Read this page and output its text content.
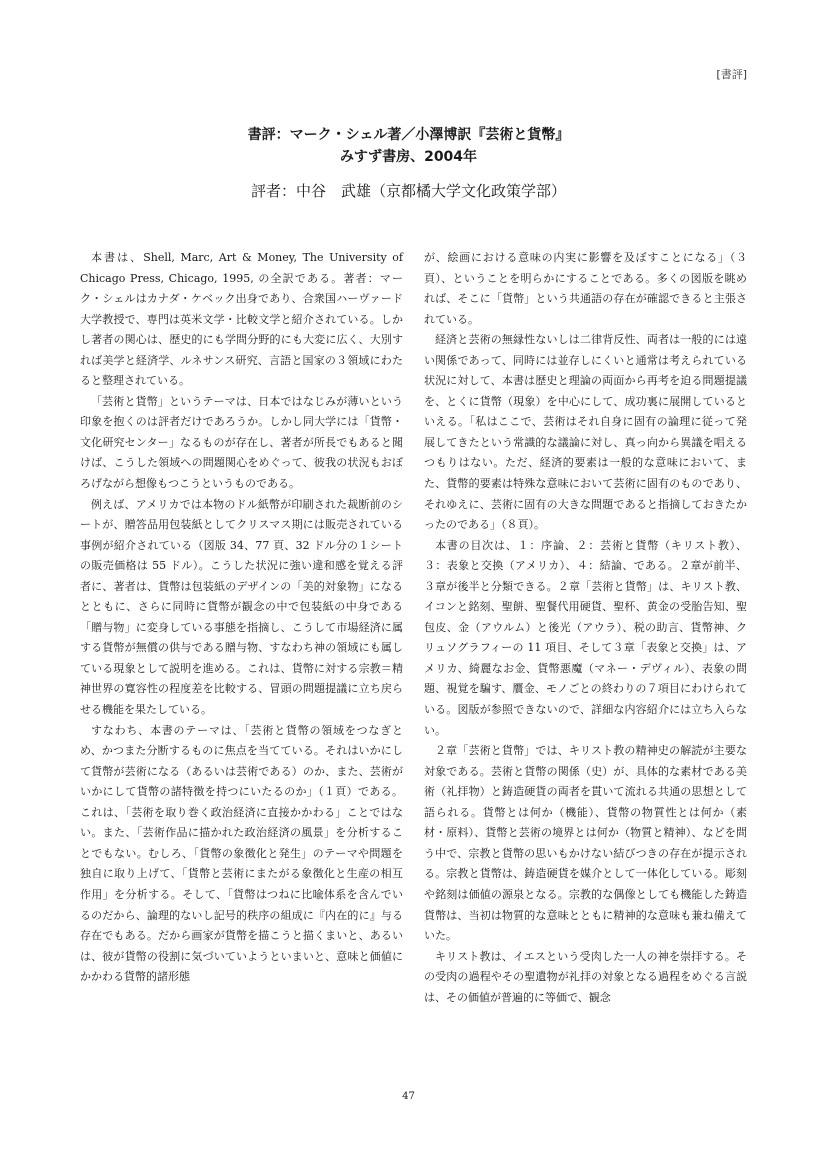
[書評]
書評：マーク・シェル著／小澤博訳『芸術と貨幣』
みすず書房、2004年
評者：中谷　武雄（京都橘大学文化政策学部）

本書は、Shell, Marc, Art & Money, The University of Chicago Press, Chicago, 1995, の全訳である。著者：マーク・シェルはカナダ・ケベック出身であり、合衆国ハーヴァード大学教授で、専門は英米文学・比較文学と紹介されている。しかし著者の関心は、歴史的にも学問分野的にも大変に広く、大別すれば美学と経済学、ルネサンス研究、言語と国家の３領域にわたると整理されている。

「芸術と貨幣」というテーマは、日本ではなじみが薄いという印象を抱くのは評者だけであろうか。しかし同大学には「貨幣・文化研究センター」なるものが存在し、著者が所長でもあると聞けば、こうした領域への問題関心をめぐって、彼我の状況もおぼろげながら想像もつこうというものである。

例えば、アメリカでは本物のドル紙幣が印刷された裁断前のシートが、贈答品用包装紙としてクリスマス期には販売されている事例が紹介されている（図版 34、77 頁、32 ドル分の１シートの販売価格は 55 ドル）。こうした状況に強い違和感を覚える評者に、著者は、貨幣は包装紙のデザインの「美的対象物」になるとともに、さらに同時に貨幣が観念の中で包装紙の中身である「贈与物」に変身している事態を指摘し、こうして市場経済に属する貨幣が無償の供与である贈与物、すなわち神の領域にも属している現象として説明を進める。これは、貨幣に対する宗教＝精神世界の寛容性の程度差を比較する、冒頭の問題提議に立ち戻らせる機能を果たしている。

すなわち、本書のテーマは、「芸術と貨幣の領域をつなぎとめ、かつまた分断するものに焦点を当てている。それはいかにして貨幣が芸術になる（あるいは芸術である）のか、また、芸術がいかにして貨幣の諸特徴を持つにいたるのか」（１頁）である。これは、「芸術を取り巻く政治経済に直接かかわる」ことではない。また、「芸術作品に描かれた政治経済の風景」を分析することでもない。むしろ、「貨幣の象徴化と発生」のテーマや問題を独自に取り上げて、「貨幣と芸術にまたがる象徴化と生産の相互作用」を分析する。そして、「貨幣はつねに比喩体系を含んでいるのだから、論理的ないし記号的秩序の組成に『内在的に』与る存在でもある。だから画家が貨幣を描こうと描くまいと、あるいは、彼が貨幣の役割に気づいていようといまいと、意味と価値にかかわる貨幣的諸形態

が、絵画における意味の内実に影響を及ぼすことになる」（３頁）、ということを明らかにすることである。多くの図版を眺めれば、そこに「貨幣」という共通語の存在が確認できると主張されている。

経済と芸術の無縁性ないしは二律背反性、両者は一般的には遠い関係であって、同時には並存しにくいと通常は考えられている状況に対して、本書は歴史と理論の両面から再考を迫る問題提議を、とくに貨幣（現象）を中心にして、成功裏に展開しているといえる。「私はここで、芸術はそれ自身に固有の論理に従って発展してきたという常識的な議論に対し、真っ向から異議を唱えるつもりはない。ただ、経済的要素は一般的な意味において、また、貨幣的要素は特殊な意味において芸術に固有のものであり、それゆえに、芸術に固有の大きな問題であると指摘しておきたかったのである」（８頁）。

本書の目次は、１：序論、２：芸術と貨幣（キリスト教）、３：表象と交換（アメリカ）、４：結論、である。２章が前半、３章が後半と分類できる。２章「芸術と貨幣」は、キリスト教、イコンと銘刻、聖餅、聖餐代用硬貨、聖杯、黄金の受胎告知、聖包皮、金（アウルム）と後光（アウラ）、税の助言、貨幣神、クリュソグラフィーの 11 項目、そして３章「表象と交換」は、アメリカ、綺麗なお金、貨幣悪魔（マネー・デヴィル）、表象の問題、視覚を騙す、贋金、モノごとの終わりの７項目にわけられている。図版が参照できないので、詳細な内容紹介には立ち入らない。

２章「芸術と貨幣」では、キリスト教の精神史の解読が主要な対象である。芸術と貨幣の関係（史）が、具体的な素材である美術（礼拝物）と鋳造硬貨の両者を貫いて流れる共通の思想として語られる。貨幣とは何か（機能）、貨幣の物質性とは何か（素材・原料）、貨幣と芸術の境界とは何か（物質と精神）、などを問う中で、宗教と貨幣の思いもかけない結びつきの存在が提示される。宗教と貨幣は、鋳造硬貨を媒介として一体化している。彫刻や銘刻は価値の源泉となる。宗教的な偶像としても機能した鋳造貨幣は、当初は物質的な意味とともに精神的な意味も兼ね備えていた。

キリスト教は、イエスという受肉した一人の神を崇拝する。その受肉の過程やその聖遺物が礼拝の対象となる過程をめぐる言説は、その価値が普遍的に等価で、観念

47
